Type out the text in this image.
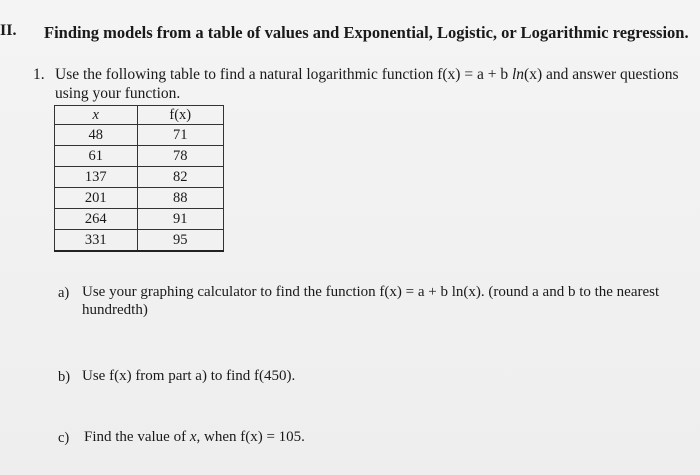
II. Finding models from a table of values and Exponential, Logistic, or Logarithmic regression.
1. Use the following table to find a natural logarithmic function f(x) = a + b ln(x) and answer questions
using your function.
x	f(x)
48	71
61	78
137	82
201	88
264	91
331	95
a) Use your graphing calculator to find the function f(x) = a + b ln(x). (round a and b to the nearest
hundredth)
b) Use f(x) from part a) to find f(450).
c) Find the value of x, when f(x) = 105.
